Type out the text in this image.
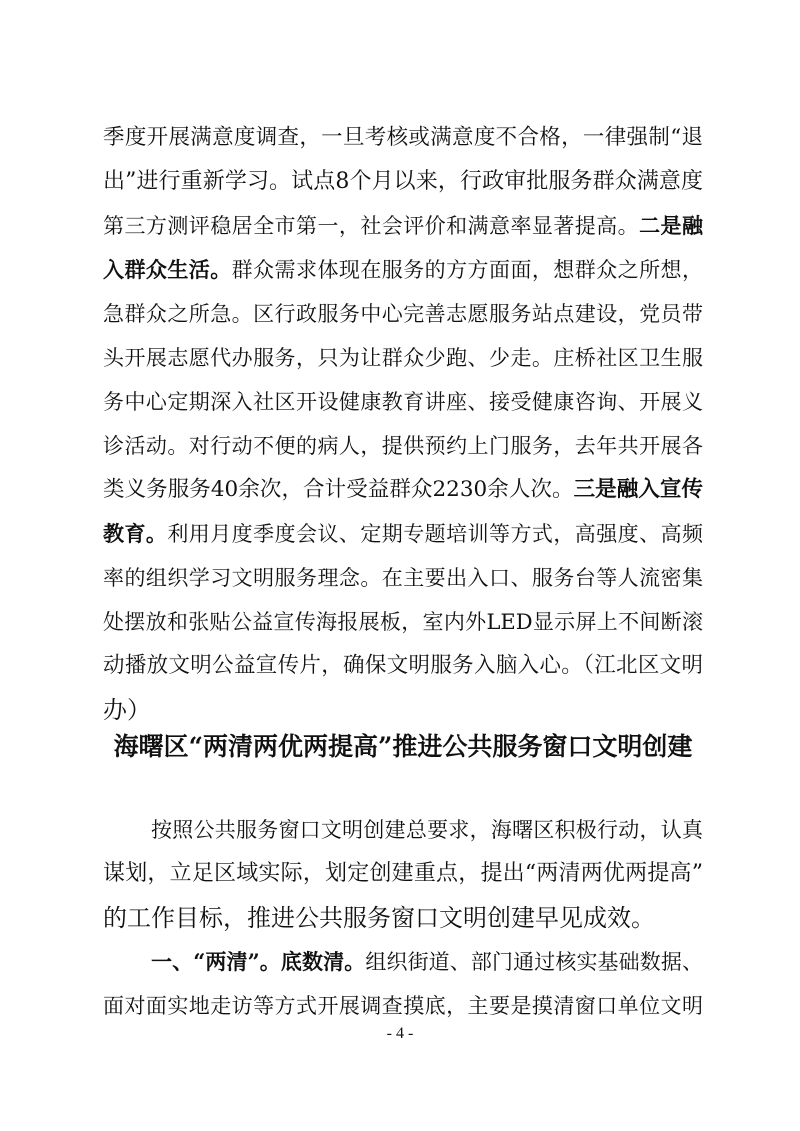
季度开展满意度调查，一旦考核或满意度不合格，一律强制“退
出”进行重新学习。试点8个月以来，行政审批服务群众满意度
第三方测评稳居全市第一，社会评价和满意率显著提高。二是融
入群众生活。群众需求体现在服务的方方面面，想群众之所想，
急群众之所急。区行政服务中心完善志愿服务站点建设，党员带
头开展志愿代办服务，只为让群众少跑、少走。庄桥社区卫生服
务中心定期深入社区开设健康教育讲座、接受健康咨询、开展义
诊活动。对行动不便的病人，提供预约上门服务，去年共开展各
类义务服务40余次，合计受益群众2230余人次。三是融入宣传
教育。利用月度季度会议、定期专题培训等方式，高强度、高频
率的组织学习文明服务理念。在主要出入口、服务台等人流密集
处摆放和张贴公益宣传海报展板，室内外LED显示屏上不间断滚
动播放文明公益宣传片，确保文明服务入脑入心。（江北区文明
办）
海曙区“两清两优两提高”推进公共服务窗口文明创建
按照公共服务窗口文明创建总要求，海曙区积极行动，认真
谋划，立足区域实际，划定创建重点，提出“两清两优两提高”
的工作目标，推进公共服务窗口文明创建早见成效。
一、“两清”。底数清。组织街道、部门通过核实基础数据、
面对面实地走访等方式开展调查摸底，主要是摸清窗口单位文明
- 4 -
